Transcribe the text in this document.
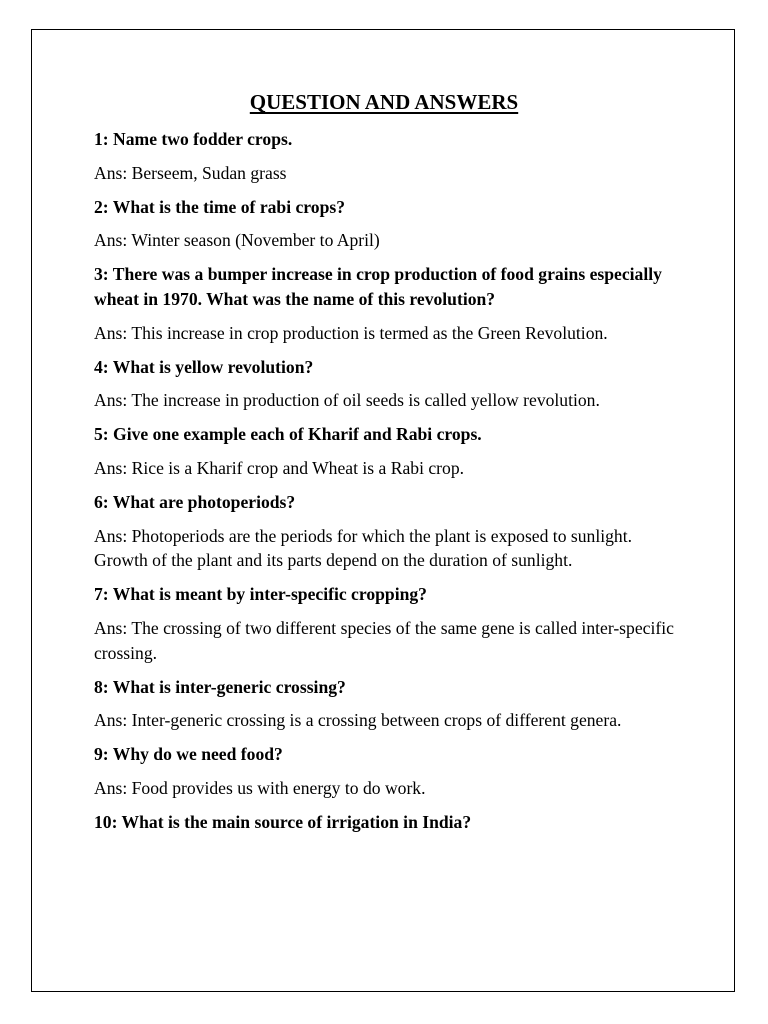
QUESTION AND ANSWERS

1: Name two fodder crops.

Ans: Berseem, Sudan grass

2: What is the time of rabi crops?

Ans: Winter season (November to April)

3: There was a bumper increase in crop production of food grains especially wheat in 1970. What was the name of this revolution?

Ans: This increase in crop production is termed as the Green Revolution.

4: What is yellow revolution?

Ans: The increase in production of oil seeds is called yellow revolution.

5: Give one example each of Kharif and Rabi crops.

Ans: Rice is a Kharif crop and Wheat is a Rabi crop.

6: What are photoperiods?

Ans: Photoperiods are the periods for which the plant is exposed to sunlight. Growth of the plant and its parts depend on the duration of sunlight.

7: What is meant by inter-specific cropping?

Ans: The crossing of two different species of the same gene is called inter-specific crossing.

8: What is inter-generic crossing?

Ans: Inter-generic crossing is a crossing between crops of different genera.

9: Why do we need food?

Ans: Food provides us with energy to do work.

10: What is the main source of irrigation in India?
